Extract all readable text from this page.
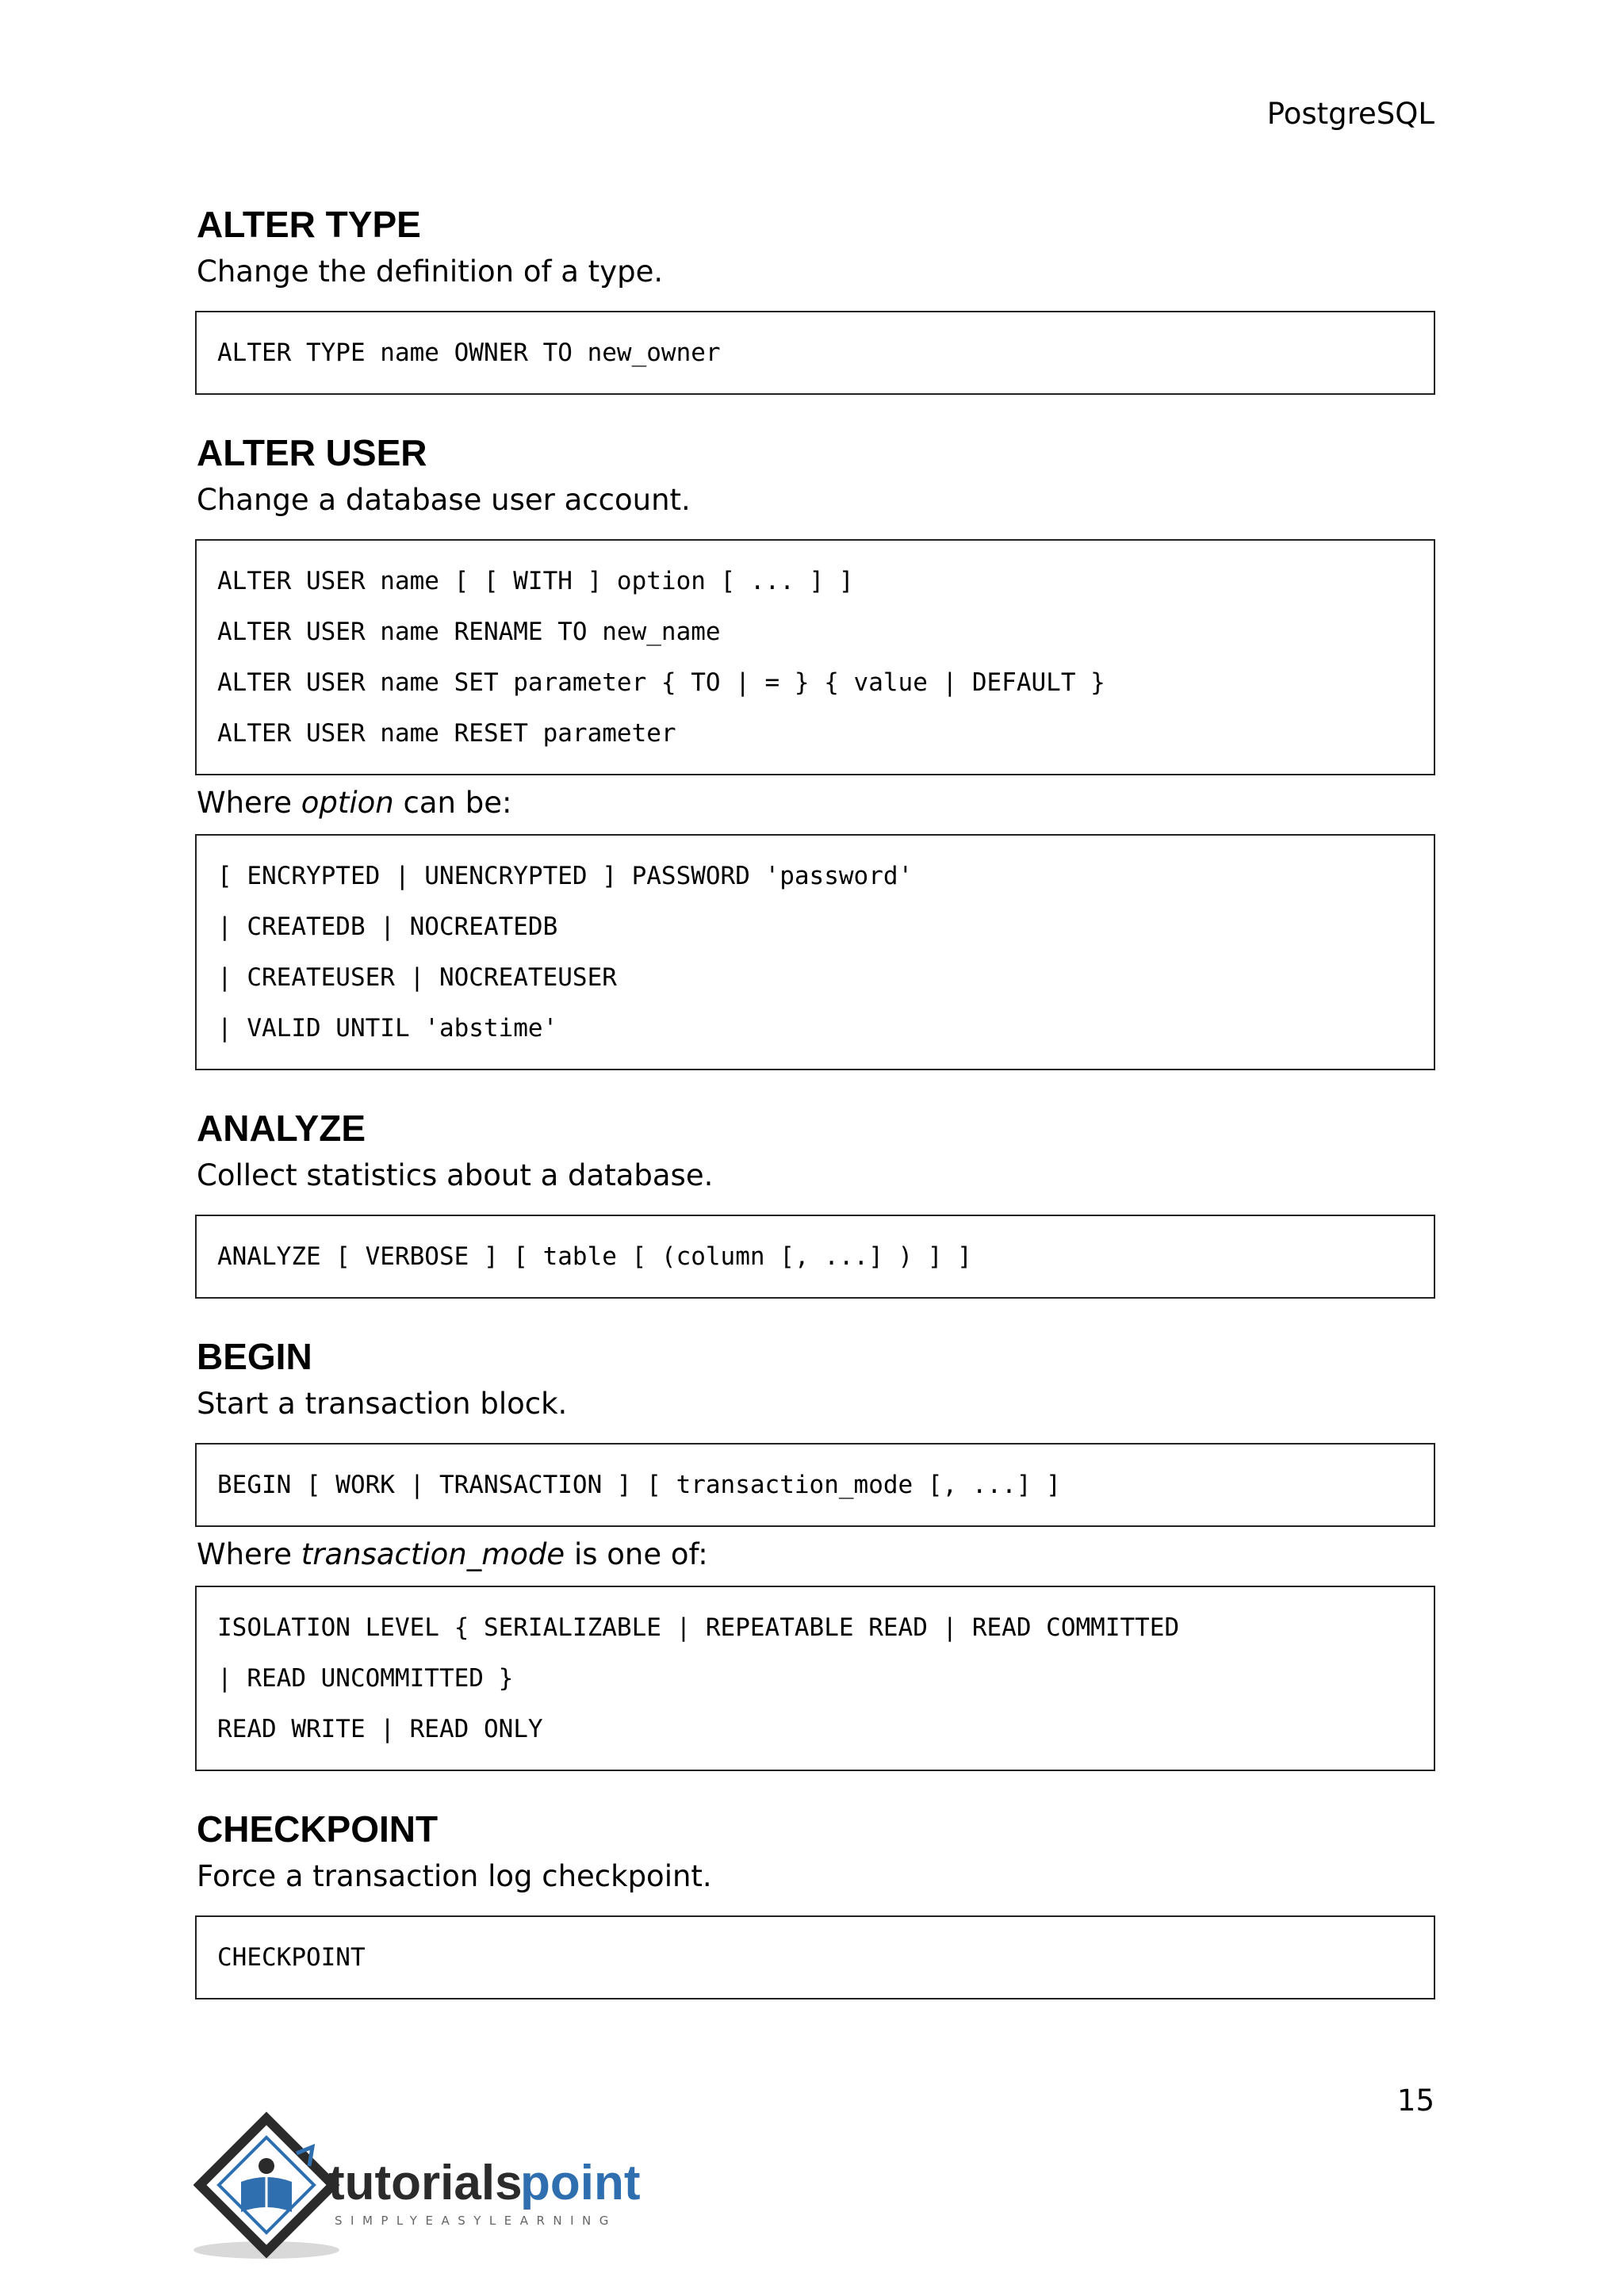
PostgreSQL
ALTER TYPE

Change the definition of a type.

ALTER TYPE name OWNER TO new_owner
ALTER USER

Change a database user account.

ALTER USER name [ [ WITH ] option [ ... ] ]
ALTER USER name RENAME TO new_name
ALTER USER name SET parameter { TO | = } { value | DEFAULT }
ALTER USER name RESET parameter

Where option can be:

[ ENCRYPTED | UNENCRYPTED ] PASSWORD 'password'
| CREATEDB | NOCREATEDB
| CREATEUSER | NOCREATEUSER
| VALID UNTIL 'abstime'
ANALYZE

Collect statistics about a database.

ANALYZE [ VERBOSE ] [ table [ (column [, ...] ) ] ]
BEGIN

Start a transaction block.

BEGIN [ WORK | TRANSACTION ] [ transaction_mode [, ...] ]

Where transaction_mode is one of:

ISOLATION LEVEL { SERIALIZABLE | REPEATABLE READ | READ COMMITTED
| READ UNCOMMITTED }
READ WRITE | READ ONLY
CHECKPOINT

Force a transaction log checkpoint.

CHECKPOINT
15
tutorials
point
SIMPLYEASYLEARNING
